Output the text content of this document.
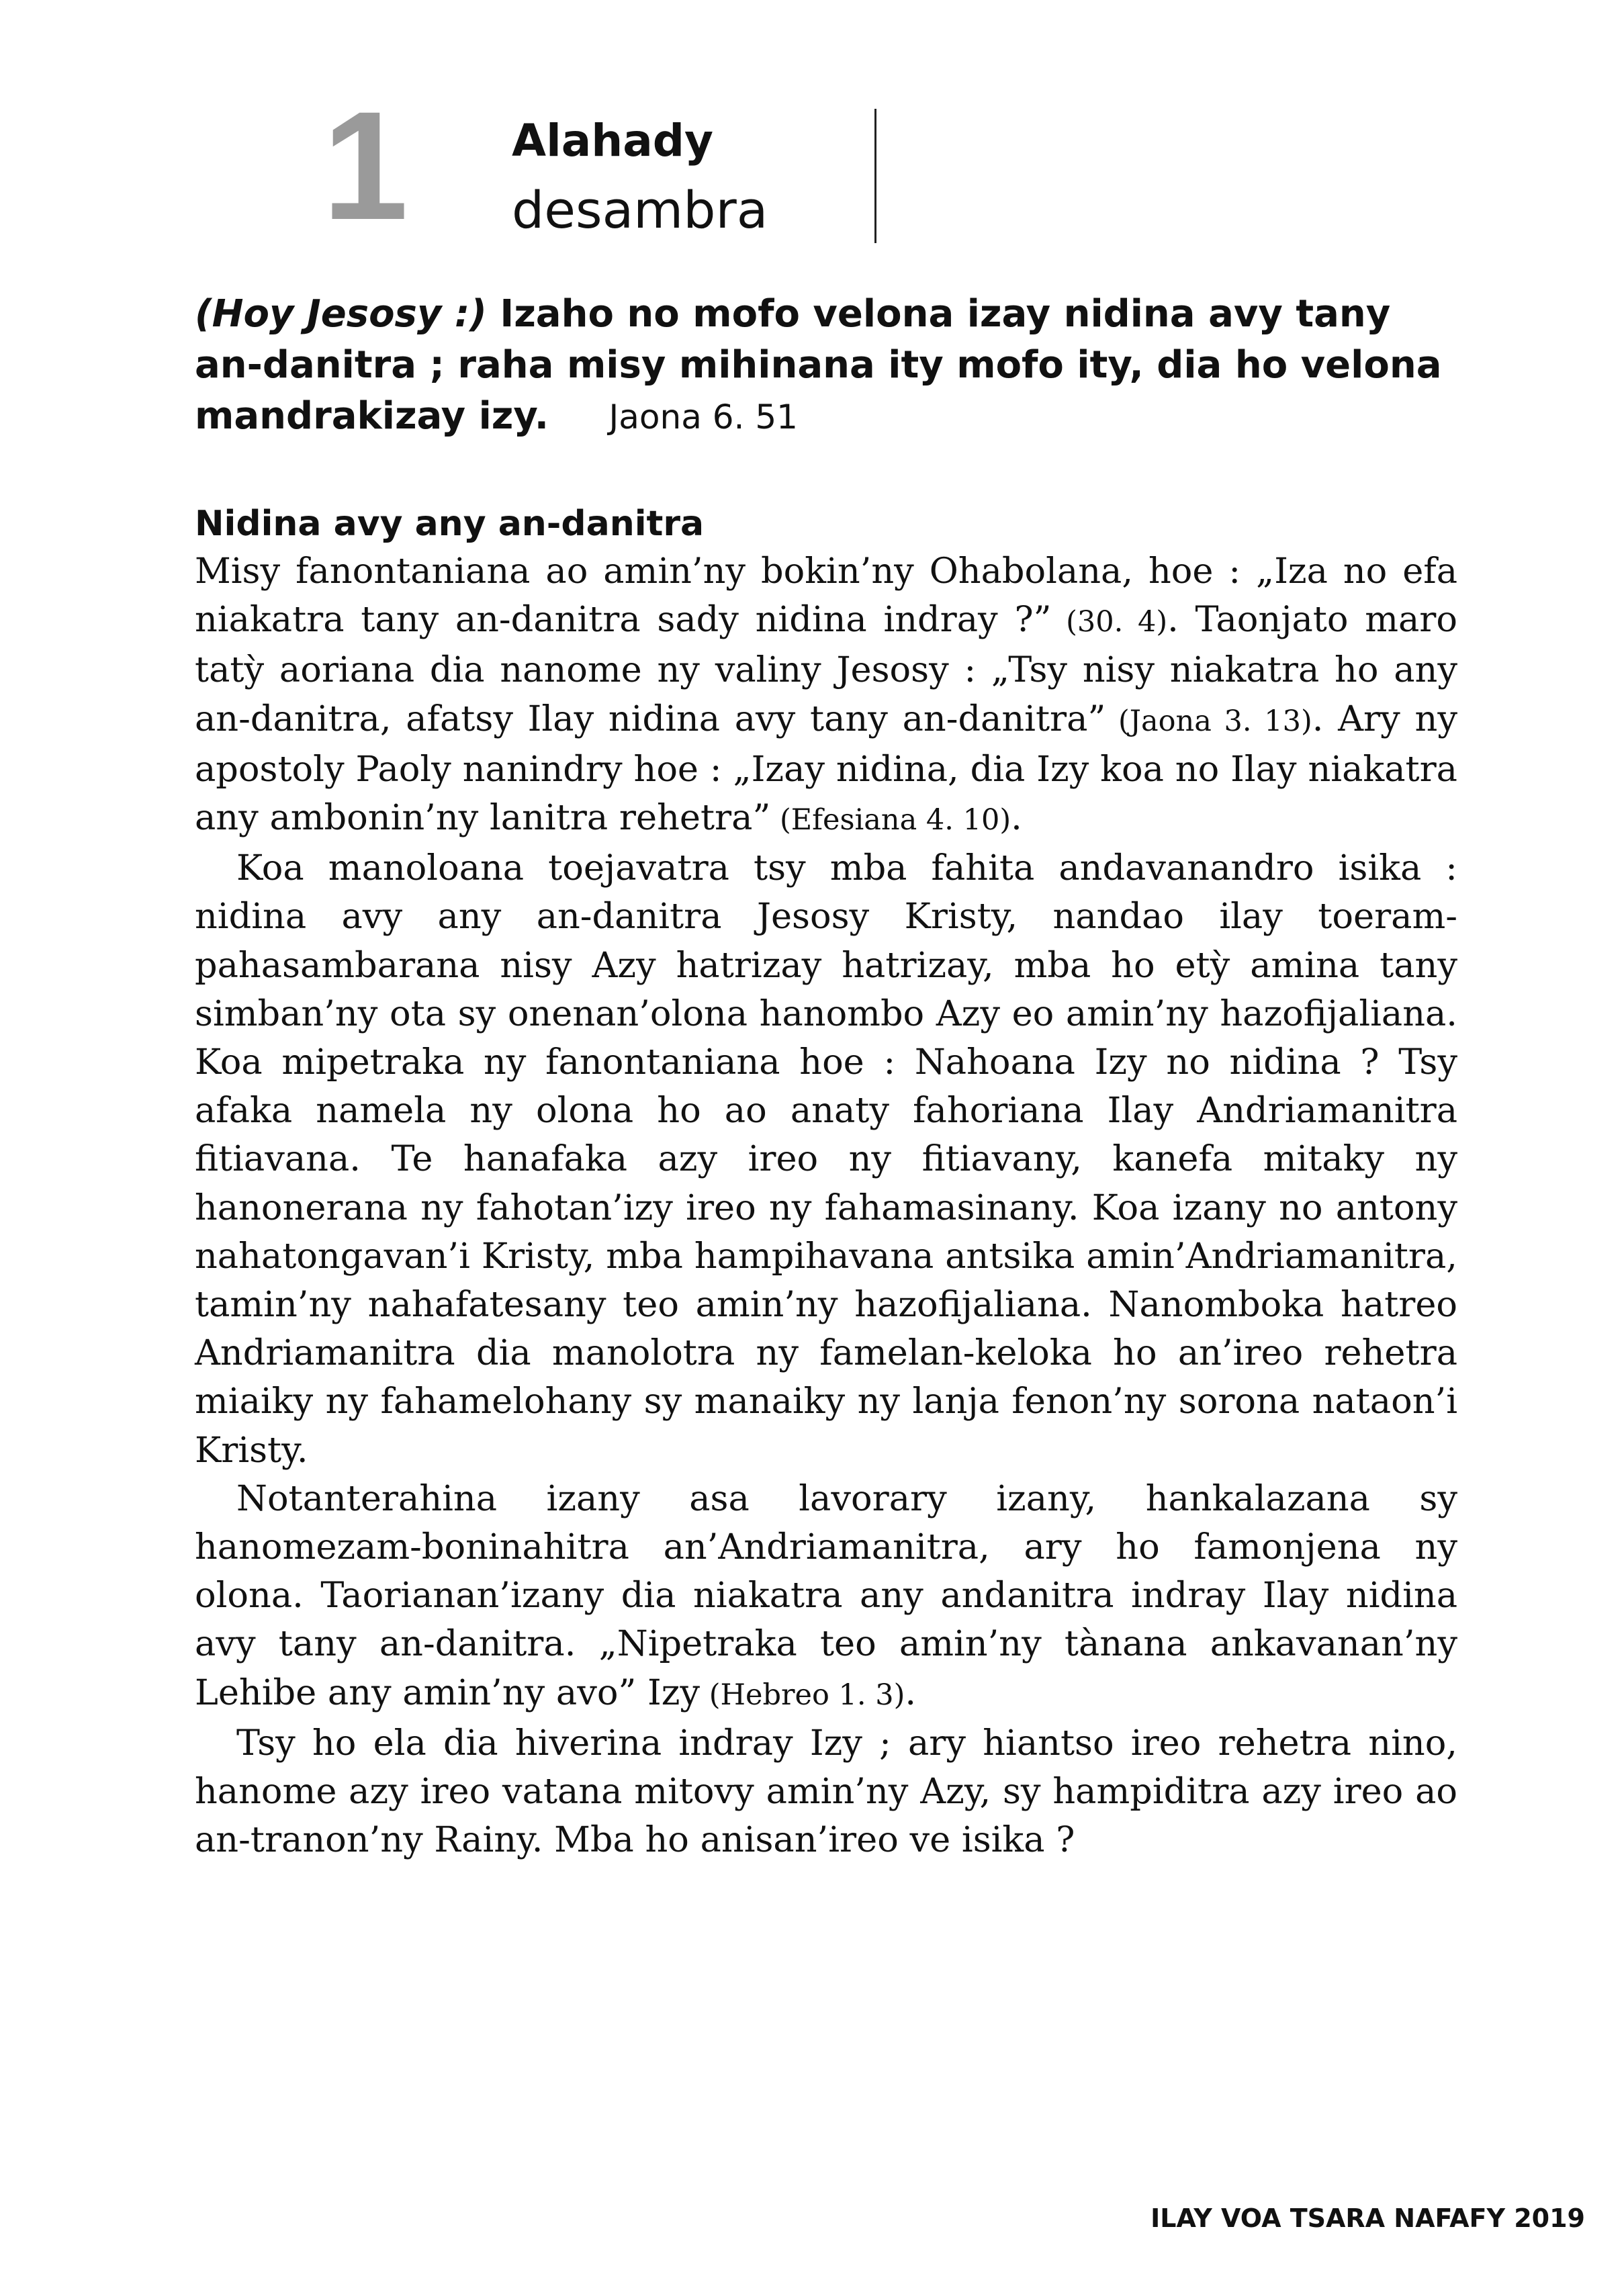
1 Alahady
desambra
(Hoy Jesosy :) Izaho no mofo velona izay nidina avy tany an-danitra ; raha misy mihinana ity mofo ity, dia ho velona mandrakizay izy. Jaona 6. 51
Nidina avy any an-danitra

Misy fanontaniana ao amin’ny bokin’ny Ohabolana, hoe : „Iza no efa niakatra tany an-danitra sady nidina indray ?” (30. 4). Taonjato maro tatỳ aoriana dia nanome ny valiny Jesosy : „Tsy nisy niakatra ho any an-danitra, afatsy Ilay nidina avy tany an-danitra” (Jaona 3. 13). Ary ny apostoly Paoly nanindry hoe : „Izay nidina, dia Izy koa no Ilay niakatra any ambonin’ny lanitra rehetra” (Efesiana 4. 10).

Koa manoloana toejavatra tsy mba fahita andavanandro isika : nidina avy any an-danitra Jesosy Kristy, nandao ilay toeram-pahasambarana nisy Azy hatrizay hatrizay, mba ho etỳ amina tany simban’ny ota sy onenan’olona hanombo Azy eo amin’ny hazofijaliana. Koa mipetraka ny fanontaniana hoe : Nahoana Izy no nidina ? Tsy afaka namela ny olona ho ao anaty fahoriana Ilay Andriamanitra fitiavana. Te hanafaka azy ireo ny fitiavany, kanefa mitaky ny hanonerana ny fahotan’izy ireo ny fahamasinany. Koa izany no antony nahatongavan’i Kristy, mba hampihavana antsika amin’Andriamanitra, tamin’ny nahafatesany teo amin’ny hazofijaliana. Nanomboka hatreo Andriamanitra dia manolotra ny famelan-keloka ho an’ireo rehetra miaiky ny fahamelohany sy manaiky ny lanja fenon’ny sorona nataon’i Kristy.

Notanterahina izany asa lavorary izany, hankalazana sy hanomezam-boninahitra an’Andriamanitra, ary ho famonjena ny olona. Taorianan’izany dia niakatra any andanitra indray Ilay nidina avy tany an-danitra. „Nipetraka teo amin’ny tànana ankavanan’ny Lehibe any amin’ny avo” Izy (Hebreo 1. 3).

Tsy ho ela dia hiverina indray Izy ; ary hiantso ireo rehetra nino, hanome azy ireo vatana mitovy amin’ny Azy, sy hampiditra azy ireo ao an-tranon’ny Rainy. Mba ho anisan’ireo ve isika ?

ILAY VOA TSARA NAFAFY 2019
